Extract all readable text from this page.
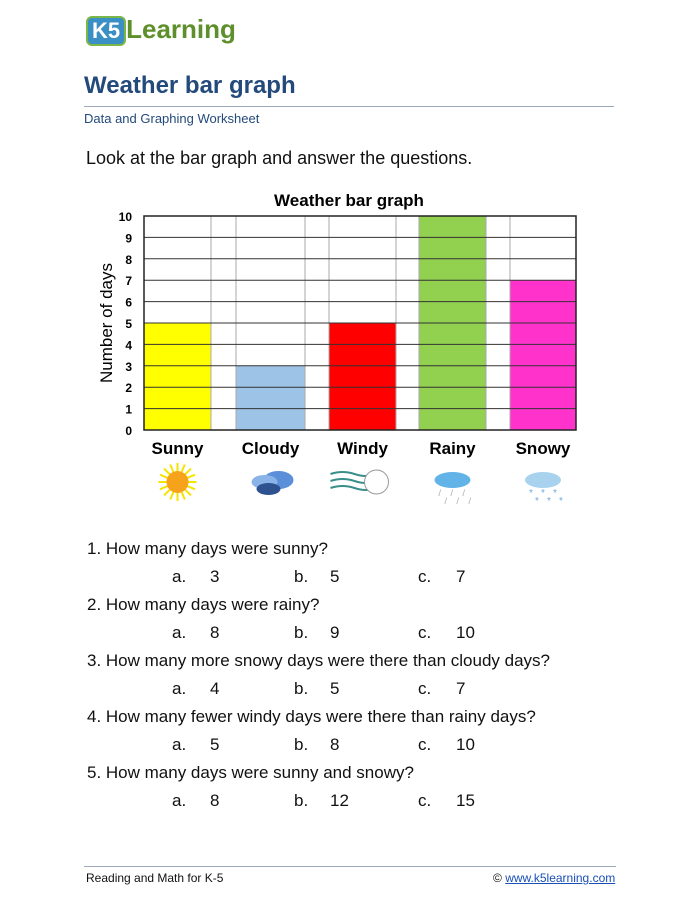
K5 Learning
Weather bar graph
Data and Graphing Worksheet
Look at the bar graph and answer the questions.
Weather bar graph
0
1
2
3
4
5
6
7
8
9
10
Number of days
Sunny Cloudy Windy Rainy
/
/
/
/
/
/
Snowy
*
*
*
*
*
*
1. How many days were sunny?
a. 3	b. 5	c. 7
2. How many days were rainy?
a. 8	b. 9	c. 10
3. How many more snowy days were there than cloudy days?
a. 4	b. 5	c. 7
4. How many fewer windy days were there than rainy days?
a. 5	b. 8	c. 10
5. How many days were sunny and snowy?
a. 8	b. 12	c. 15
Reading and Math for K-5	© www.k5learning.com
